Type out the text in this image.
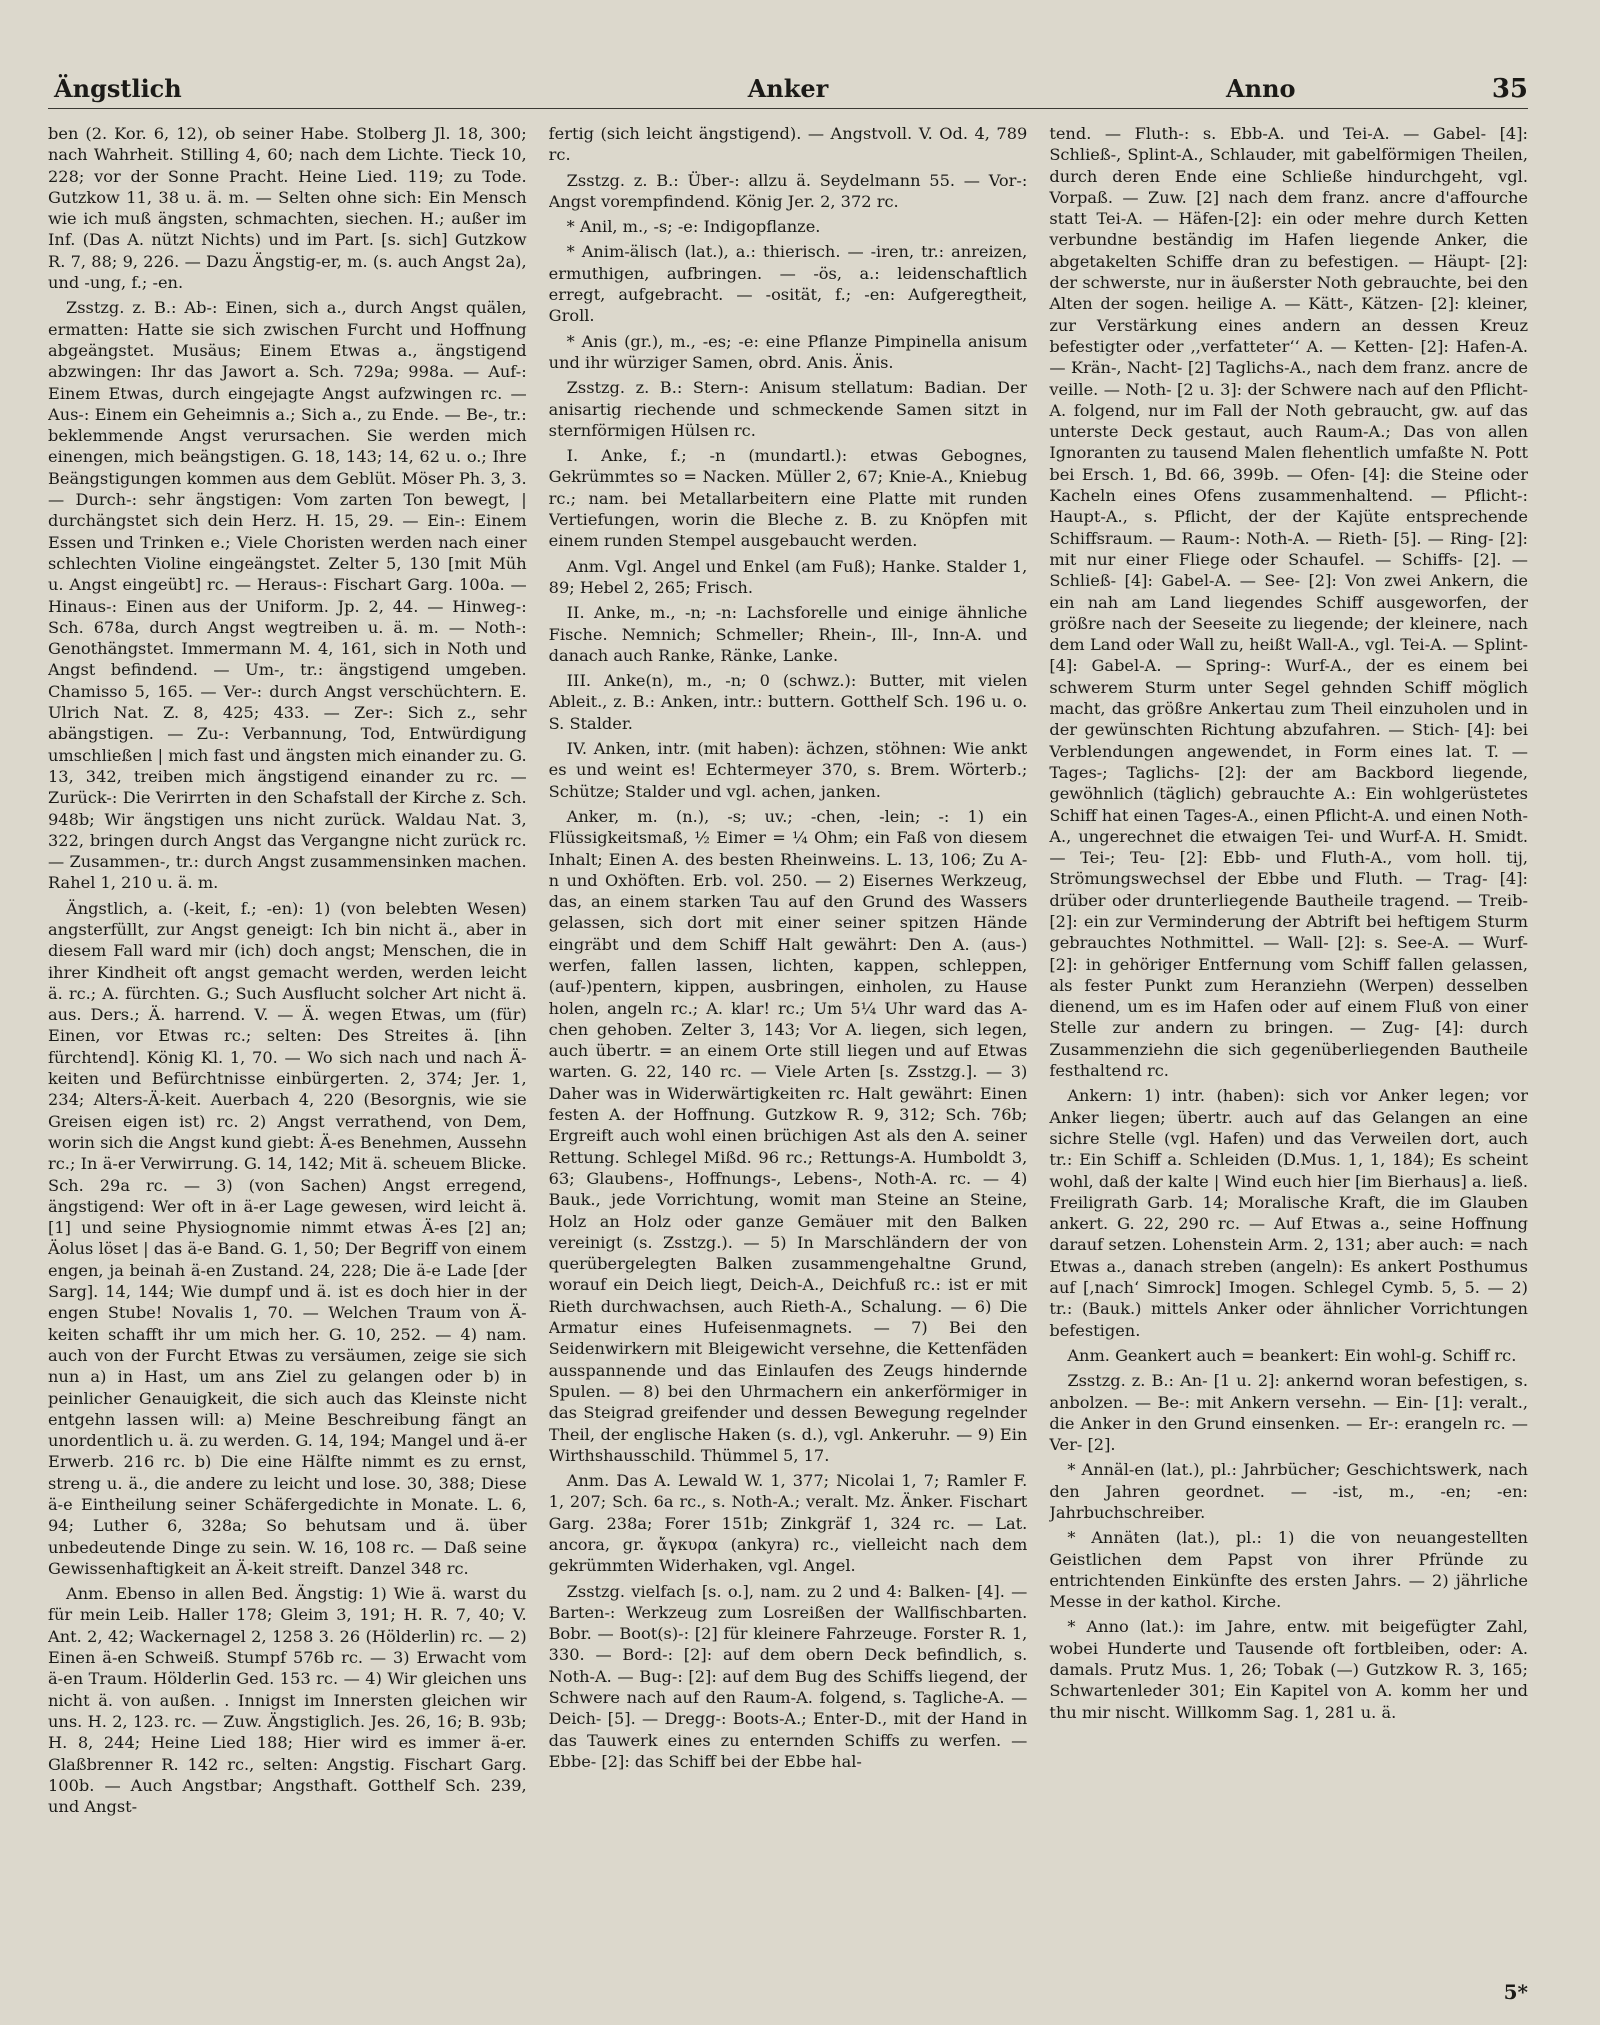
Ängstlich	Anker	Anno	35

ben (2. Kor. 6, 12), ob seiner Habe. Stolberg Jl. 18, 300; nach Wahrheit. Stilling 4, 60; nach dem Lichte. Tieck 10, 228; vor der Sonne Pracht. Heine Lied. 119; zu Tode. Gutzkow 11, 38 u. ä. m. — Selten ohne sich: Ein Mensch wie ich muß ängsten, schmachten, siechen. H.; außer im Inf. (Das A. nützt Nichts) und im Part. [s. sich] Gutzkow R. 7, 88; 9, 226. — Dazu Ängstig-er, m. (s. auch Angst 2a), und -ung, f.; -en.

Zsstzg. z. B.: Ab-: Einen, sich a., durch Angst quälen, ermatten: Hatte sie sich zwischen Furcht und Hoffnung abgeängstet. Musäus; Einem Etwas a., ängstigend abzwingen: Ihr das Jawort a. Sch. 729a; 998a. — Auf-: Einem Etwas, durch eingejagte Angst aufzwingen rc. — Aus-: Einem ein Geheimnis a.; Sich a., zu Ende. — Be-, tr.: beklemmende Angst verursachen. Sie werden mich einengen, mich beängstigen. G. 18, 143; 14, 62 u. o.; Ihre Beängstigungen kommen aus dem Geblüt. Möser Ph. 3, 3. — Durch-: sehr ängstigen: Vom zarten Ton bewegt, | durchängstet sich dein Herz. H. 15, 29. — Ein-: Einem Essen und Trinken e.; Viele Choristen werden nach einer schlechten Violine eingeängstet. Zelter 5, 130 [mit Müh u. Angst eingeübt] rc. — Heraus-: Fischart Garg. 100a. — Hinaus-: Einen aus der Uniform. Jp. 2, 44. — Hinweg-: Sch. 678a, durch Angst wegtreiben u. ä. m. — Noth-: Genothängstet. Immermann M. 4, 161, sich in Noth und Angst befindend. — Um-, tr.: ängstigend umgeben. Chamisso 5, 165. — Ver-: durch Angst verschüchtern. E. Ulrich Nat. Z. 8, 425; 433. — Zer-: Sich z., sehr abängstigen. — Zu-: Verbannung, Tod, Entwürdigung umschließen | mich fast und ängsten mich einander zu. G. 13, 342, treiben mich ängstigend einander zu rc. — Zurück-: Die Verirrten in den Schafstall der Kirche z. Sch. 948b; Wir ängstigen uns nicht zurück. Waldau Nat. 3, 322, bringen durch Angst das Vergangne nicht zurück rc. — Zusammen-, tr.: durch Angst zusammensinken machen. Rahel 1, 210 u. ä. m.

Ängstlich, a. (-keit, f.; -en): 1) (von belebten Wesen) angsterfüllt, zur Angst geneigt: Ich bin nicht ä., aber in diesem Fall ward mir (ich) doch angst; Menschen, die in ihrer Kindheit oft angst gemacht werden, werden leicht ä. rc.; A. fürchten. G.; Such Ausflucht solcher Art nicht ä. aus. Ders.; Ä. harrend. V. — Ä. wegen Etwas, um (für) Einen, vor Etwas rc.; selten: Des Streites ä. [ihn fürchtend]. König Kl. 1, 70. — Wo sich nach und nach Ä-keiten und Befürchtnisse einbürgerten. 2, 374; Jer. 1, 234; Alters-Ä-keit. Auerbach 4, 220 (Besorgnis, wie sie Greisen eigen ist) rc. 2) Angst verrathend, von Dem, worin sich die Angst kund giebt: Ä-es Benehmen, Aussehn rc.; In ä-er Verwirrung. G. 14, 142; Mit ä. scheuem Blicke. Sch. 29a rc. — 3) (von Sachen) Angst erregend, ängstigend: Wer oft in ä-er Lage gewesen, wird leicht ä. [1] und seine Physiognomie nimmt etwas Ä-es [2] an; Äolus löset | das ä-e Band. G. 1, 50; Der Begriff von einem engen, ja beinah ä-en Zustand. 24, 228; Die ä-e Lade [der Sarg]. 14, 144; Wie dumpf und ä. ist es doch hier in der engen Stube! Novalis 1, 70. — Welchen Traum von Ä-keiten schafft ihr um mich her. G. 10, 252. — 4) nam. auch von der Furcht Etwas zu versäumen, zeige sie sich nun a) in Hast, um ans Ziel zu gelangen oder b) in peinlicher Genauigkeit, die sich auch das Kleinste nicht entgehn lassen will: a) Meine Beschreibung fängt an unordentlich u. ä. zu werden. G. 14, 194; Mangel und ä-er Erwerb. 216 rc. b) Die eine Hälfte nimmt es zu ernst, streng u. ä., die andere zu leicht und lose. 30, 388; Diese ä-e Eintheilung seiner Schäfergedichte in Monate. L. 6, 94; Luther 6, 328a; So behutsam und ä. über unbedeutende Dinge zu sein. W. 16, 108 rc. — Daß seine Gewissenhaftigkeit an Ä-keit streift. Danzel 348 rc.

Anm. Ebenso in allen Bed. Ängstig: 1) Wie ä. warst du für mein Leib. Haller 178; Gleim 3, 191; H. R. 7, 40; V. Ant. 2, 42; Wackernagel 2, 1258 3. 26 (Hölderlin) rc. — 2) Einen ä-en Schweiß. Stumpf 576b rc. — 3) Erwacht vom ä-en Traum. Hölderlin Ged. 153 rc. — 4) Wir gleichen uns nicht ä. von außen. . Innigst im Innersten gleichen wir uns. H. 2, 123. rc. — Zuw. Ängstiglich. Jes. 26, 16; B. 93b; H. 8, 244; Heine Lied 188; Hier wird es immer ä-er. Glaßbrenner R. 142 rc., selten: Angstig. Fischart Garg. 100b. — Auch Angstbar; Angsthaft. Gotthelf Sch. 239, und Angst-

fertig (sich leicht ängstigend). — Angstvoll. V. Od. 4, 789 rc.

Zsstzg. z. B.: Über-: allzu ä. Seydelmann 55. — Vor-: Angst vorempfindend. König Jer. 2, 372 rc.

* Anil, m., -s; -e: Indigopflanze.

* Anim-älisch (lat.), a.: thierisch. — -iren, tr.: anreizen, ermuthigen, aufbringen. — -ös, a.: leidenschaftlich erregt, aufgebracht. — -osität, f.; -en: Aufgeregtheit, Groll.

* Anis (gr.), m., -es; -e: eine Pflanze Pimpinella anisum und ihr würziger Samen, obrd. Anis. Änis.

Zsstzg. z. B.: Stern-: Anisum stellatum: Badian. Der anisartig riechende und schmeckende Samen sitzt in sternförmigen Hülsen rc.

I. Anke, f.; -n (mundartl.): etwas Gebognes, Gekrümmtes so = Nacken. Müller 2, 67; Knie-A., Kniebug rc.; nam. bei Metallarbeitern eine Platte mit runden Vertiefungen, worin die Bleche z. B. zu Knöpfen mit einem runden Stempel ausgebaucht werden.

Anm. Vgl. Angel und Enkel (am Fuß); Hanke. Stalder 1, 89; Hebel 2, 265; Frisch.

II. Anke, m., -n; -n: Lachsforelle und einige ähnliche Fische. Nemnich; Schmeller; Rhein-, Ill-, Inn-A. und danach auch Ranke, Ränke, Lanke.

III. Anke(n), m., -n; 0 (schwz.): Butter, mit vielen Ableit., z. B.: Anken, intr.: buttern. Gotthelf Sch. 196 u. o. S. Stalder.

IV. Anken, intr. (mit haben): ächzen, stöhnen: Wie ankt es und weint es! Echtermeyer 370, s. Brem. Wörterb.; Schütze; Stalder und vgl. achen, janken.

Anker, m. (n.), -s; uv.; -chen, -lein; -: 1) ein Flüssigkeitsmaß, ½ Eimer = ¼ Ohm; ein Faß von diesem Inhalt; Einen A. des besten Rheinweins. L. 13, 106; Zu A-n und Oxhöften. Erb. vol. 250. — 2) Eisernes Werkzeug, das, an einem starken Tau auf den Grund des Wassers gelassen, sich dort mit einer seiner spitzen Hände eingräbt und dem Schiff Halt gewährt: Den A. (aus-) werfen, fallen lassen, lichten, kappen, schleppen, (auf-)pentern, kippen, ausbringen, einholen, zu Hause holen, angeln rc.; A. klar! rc.; Um 5¼ Uhr ward das A-chen gehoben. Zelter 3, 143; Vor A. liegen, sich legen, auch übertr. = an einem Orte still liegen und auf Etwas warten. G. 22, 140 rc. — Viele Arten [s. Zsstzg.]. — 3) Daher was in Widerwärtigkeiten rc. Halt gewährt: Einen festen A. der Hoffnung. Gutzkow R. 9, 312; Sch. 76b; Ergreift auch wohl einen brüchigen Ast als den A. seiner Rettung. Schlegel Mißd. 96 rc.; Rettungs-A. Humboldt 3, 63; Glaubens-, Hoffnungs-, Lebens-, Noth-A. rc. — 4) Bauk., jede Vorrichtung, womit man Steine an Steine, Holz an Holz oder ganze Gemäuer mit den Balken vereinigt (s. Zsstzg.). — 5) In Marschländern der von querübergelegten Balken zusammengehaltne Grund, worauf ein Deich liegt, Deich-A., Deichfuß rc.: ist er mit Rieth durchwachsen, auch Rieth-A., Schalung. — 6) Die Armatur eines Hufeisenmagnets. — 7) Bei den Seidenwirkern mit Bleigewicht versehne, die Kettenfäden ausspannende und das Einlaufen des Zeugs hindernde Spulen. — 8) bei den Uhrmachern ein ankerförmiger in das Steigrad greifender und dessen Bewegung regelnder Theil, der englische Haken (s. d.), vgl. Ankeruhr. — 9) Ein Wirthshausschild. Thümmel 5, 17.

Anm. Das A. Lewald W. 1, 377; Nicolai 1, 7; Ramler F. 1, 207; Sch. 6a rc., s. Noth-A.; veralt. Mz. Änker. Fischart Garg. 238a; Forer 151b; Zinkgräf 1, 324 rc. — Lat. ancora, gr. ἄγκυρα (ankyra) rc., vielleicht nach dem gekrümmten Widerhaken, vgl. Angel.

Zsstzg. vielfach [s. o.], nam. zu 2 und 4: Balken- [4]. — Barten-: Werkzeug zum Losreißen der Wallfischbarten. Bobr. — Boot(s)-: [2] für kleinere Fahrzeuge. Forster R. 1, 330. — Bord-: [2]: auf dem obern Deck befindlich, s. Noth-A. — Bug-: [2]: auf dem Bug des Schiffs liegend, der Schwere nach auf den Raum-A. folgend, s. Tagliche-A. — Deich- [5]. — Dregg-: Boots-A.; Enter-D., mit der Hand in das Tauwerk eines zu enternden Schiffs zu werfen. — Ebbe- [2]: das Schiff bei der Ebbe hal-

tend. — Fluth-: s. Ebb-A. und Tei-A. — Gabel- [4]: Schließ-, Splint-A., Schlauder, mit gabelförmigen Theilen, durch deren Ende eine Schließe hindurchgeht, vgl. Vorpaß. — Zuw. [2] nach dem franz. ancre d'affourche statt Tei-A. — Häfen-[2]: ein oder mehre durch Ketten verbundne beständig im Hafen liegende Anker, die abgetakelten Schiffe dran zu befestigen. — Häupt- [2]: der schwerste, nur in äußerster Noth gebrauchte, bei den Alten der sogen. heilige A. — Kätt-, Kätzen- [2]: kleiner, zur Verstärkung eines andern an dessen Kreuz befestigter oder ‚‚verfatteter‘‘ A. — Ketten- [2]: Hafen-A. — Krän-, Nacht- [2] Taglichs-A., nach dem franz. ancre de veille. — Noth- [2 u. 3]: der Schwere nach auf den Pflicht-A. folgend, nur im Fall der Noth gebraucht, gw. auf das unterste Deck gestaut, auch Raum-A.; Das von allen Ignoranten zu tausend Malen flehentlich umfaßte N. Pott bei Ersch. 1, Bd. 66, 399b. — Ofen- [4]: die Steine oder Kacheln eines Ofens zusammenhaltend. — Pflicht-: Haupt-A., s. Pflicht, der der Kajüte entsprechende Schiffsraum. — Raum-: Noth-A. — Rieth- [5]. — Ring- [2]: mit nur einer Fliege oder Schaufel. — Schiffs- [2]. — Schließ- [4]: Gabel-A. — See- [2]: Von zwei Ankern, die ein nah am Land liegendes Schiff ausgeworfen, der größre nach der Seeseite zu liegende; der kleinere, nach dem Land oder Wall zu, heißt Wall-A., vgl. Tei-A. — Splint- [4]: Gabel-A. — Spring-: Wurf-A., der es einem bei schwerem Sturm unter Segel gehnden Schiff möglich macht, das größre Ankertau zum Theil einzuholen und in der gewünschten Richtung abzufahren. — Stich- [4]: bei Verblendungen angewendet, in Form eines lat. T. — Tages-; Taglichs- [2]: der am Backbord liegende, gewöhnlich (täglich) gebrauchte A.: Ein wohlgerüstetes Schiff hat einen Tages-A., einen Pflicht-A. und einen Noth-A., ungerechnet die etwaigen Tei- und Wurf-A. H. Smidt. — Tei-; Teu- [2]: Ebb- und Fluth-A., vom holl. tij, Strömungswechsel der Ebbe und Fluth. — Trag- [4]: drüber oder drunterliegende Bautheile tragend. — Treib- [2]: ein zur Verminderung der Abtrift bei heftigem Sturm gebrauchtes Nothmittel. — Wall- [2]: s. See-A. — Wurf- [2]: in gehöriger Entfernung vom Schiff fallen gelassen, als fester Punkt zum Heranziehn (Werpen) desselben dienend, um es im Hafen oder auf einem Fluß von einer Stelle zur andern zu bringen. — Zug- [4]: durch Zusammenziehn die sich gegenüberliegenden Bautheile festhaltend rc.

Ankern: 1) intr. (haben): sich vor Anker legen; vor Anker liegen; übertr. auch auf das Gelangen an eine sichre Stelle (vgl. Hafen) und das Verweilen dort, auch tr.: Ein Schiff a. Schleiden (D.Mus. 1, 1, 184); Es scheint wohl, daß der kalte | Wind euch hier [im Bierhaus] a. ließ. Freiligrath Garb. 14; Moralische Kraft, die im Glauben ankert. G. 22, 290 rc. — Auf Etwas a., seine Hoffnung darauf setzen. Lohenstein Arm. 2, 131; aber auch: = nach Etwas a., danach streben (angeln): Es ankert Posthumus auf [‚nach‘ Simrock] Imogen. Schlegel Cymb. 5, 5. — 2) tr.: (Bauk.) mittels Anker oder ähnlicher Vorrichtungen befestigen.

Anm. Geankert auch = beankert: Ein wohl-g. Schiff rc.

Zsstzg. z. B.: An- [1 u. 2]: ankernd woran befestigen, s. anbolzen. — Be-: mit Ankern versehn. — Ein- [1]: veralt., die Anker in den Grund einsenken. — Er-: erangeln rc. — Ver- [2].

* Annäl-en (lat.), pl.: Jahrbücher; Geschichtswerk, nach den Jahren geordnet. — -ist, m., -en; -en: Jahrbuchschreiber.

* Annäten (lat.), pl.: 1) die von neuangestellten Geistlichen dem Papst von ihrer Pfründe zu entrichtenden Einkünfte des ersten Jahrs. — 2) jährliche Messe in der kathol. Kirche.

* Anno (lat.): im Jahre, entw. mit beigefügter Zahl, wobei Hunderte und Tausende oft fortbleiben, oder: A. damals. Prutz Mus. 1, 26; Tobak (—) Gutzkow R. 3, 165; Schwartenleder 301; Ein Kapitel von A. komm her und thu mir nischt. Willkomm Sag. 1, 281 u. ä.

5*
